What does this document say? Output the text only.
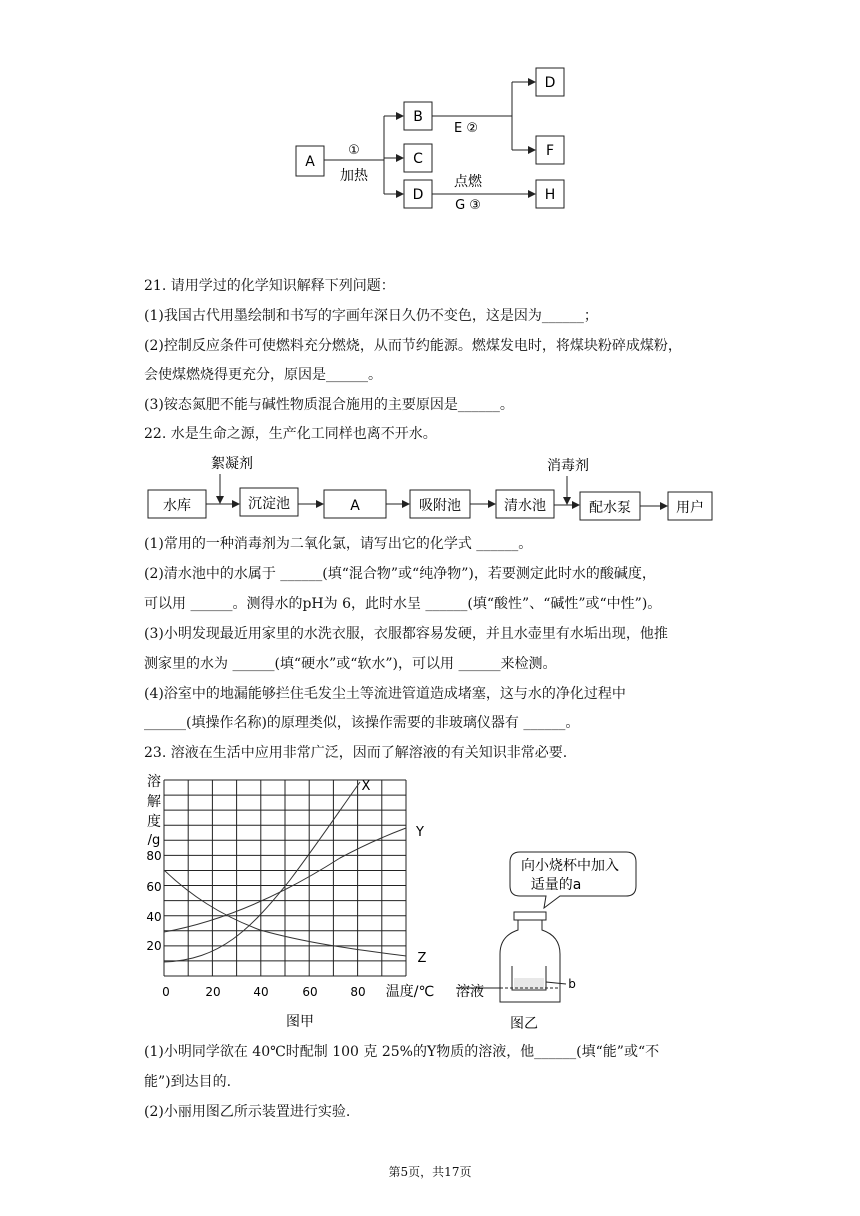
A
B
C
D
D
F
H
①
加热
E ②
点燃
G ③
21. 请用学过的化学知识解释下列问题：
(1)我国古代用墨绘制和书写的字画年深日久仍不变色，这是因为______；
(2)控制反应条件可使燃料充分燃烧，从而节约能源。燃煤发电时，将煤块粉碎成煤粉，
会使煤燃烧得更充分，原因是______。
(3)铵态氮肥不能与碱性物质混合施用的主要原因是______。
22. 水是生命之源，生产化工同样也离不开水。
絮凝剂	消毒剂
水库	沉淀池	A	吸附池	清水池	配水泵	用户
(1)常用的一种消毒剂为二氧化氯，请写出它的化学式 ______。
(2)清水池中的水属于 ______(填“混合物”或“纯净物”)，若要测定此时水的酸碱度，
可以用 ______。测得水的pH为 6，此时水呈 ______(填“酸性”、“碱性”或“中性”)。
(3)小明发现最近用家里的水洗衣服，衣服都容易发硬，并且水壶里有水垢出现，他推
测家里的水为 ______(填“硬水”或“软水”)，可以用 ______来检测。
(4)浴室中的地漏能够拦住毛发尘土等流进管道造成堵塞，这与水的净化过程中
______(填操作名称)的原理类似，该操作需要的非玻璃仪器有 ______。
23. 溶液在生活中应用非常广泛，因而了解溶液的有关知识非常必要.
溶
解
度
/g
80
60
40
20
0	20	40	60	80 温度/℃
X
Y
Z
图甲
向小烧杯中加入
适量的a
b
溶液
图乙
(1)小明同学欲在 40℃时配制 100 克 25%的Y物质的溶液，他______(填“能”或“不
能”)到达目的.
(2)小丽用图乙所示装置进行实验.
第5页，共17页
